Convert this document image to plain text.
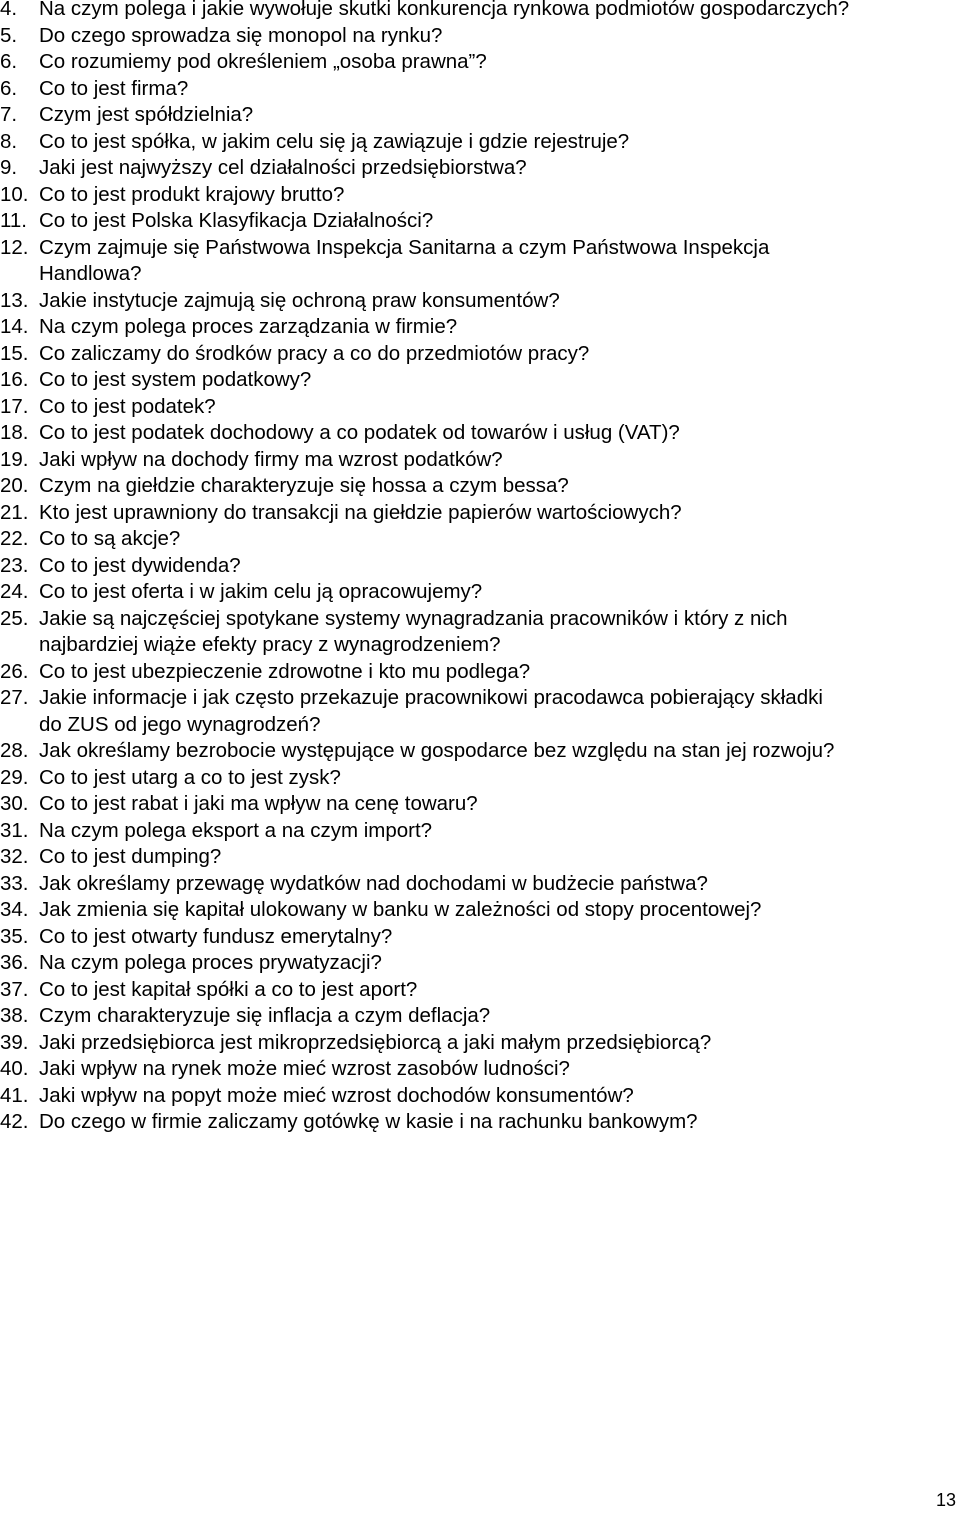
4.	Na czym polega i jakie wywołuje skutki konkurencja rynkowa podmiotów gospodarczych?
5.	Do czego sprowadza się monopol na rynku?
6.	Co rozumiemy pod określeniem „osoba prawna”?
6.	Co to jest firma?
7.	Czym jest spółdzielnia?
8.	Co to jest spółka, w jakim celu się ją zawiązuje i gdzie rejestruje?
9.	Jaki jest najwyższy cel działalności przedsiębiorstwa?
10. Co to jest produkt krajowy brutto?
11. Co to jest Polska Klasyfikacja Działalności?
12. Czym zajmuje się Państwowa Inspekcja Sanitarna a czym Państwowa Inspekcja
Handlowa?
13. Jakie instytucje zajmują się ochroną praw konsumentów?
14. Na czym polega proces zarządzania w firmie?
15. Co zaliczamy do środków pracy a co do przedmiotów pracy?
16. Co to jest system podatkowy?
17. Co to jest podatek?
18. Co to jest podatek dochodowy a co podatek od towarów i usług (VAT)?
19. Jaki wpływ na dochody firmy ma wzrost podatków?
20. Czym na giełdzie charakteryzuje się hossa a czym bessa?
21. Kto jest uprawniony do transakcji na giełdzie papierów wartościowych?
22. Co to są akcje?
23. Co to jest dywidenda?
24. Co to jest oferta i w jakim celu ją opracowujemy?
25. Jakie są najczęściej spotykane systemy wynagradzania pracowników i który z nich
najbardziej wiąże efekty pracy z wynagrodzeniem?
26. Co to jest ubezpieczenie zdrowotne i kto mu podlega?
27. Jakie informacje i jak często przekazuje pracownikowi pracodawca pobierający składki
do ZUS od jego wynagrodzeń?
28. Jak określamy bezrobocie występujące w gospodarce bez względu na stan jej rozwoju?
29. Co to jest utarg a co to jest zysk?
30. Co to jest rabat i jaki ma wpływ na cenę towaru?
31. Na czym polega eksport a na czym import?
32. Co to jest dumping?
33. Jak określamy przewagę wydatków nad dochodami w budżecie państwa?
34. Jak zmienia się kapitał ulokowany w banku w zależności od stopy procentowej?
35. Co to jest otwarty fundusz emerytalny?
36. Na czym polega proces prywatyzacji?
37. Co to jest kapitał spółki a co to jest aport?
38. Czym charakteryzuje się inflacja a czym deflacja?
39. Jaki przedsiębiorca jest mikroprzedsiębiorcą a jaki małym przedsiębiorcą?
40. Jaki wpływ na rynek może mieć wzrost zasobów ludności?
41. Jaki wpływ na popyt może mieć wzrost dochodów konsumentów?
42. Do czego w firmie zaliczamy gotówkę w kasie i na rachunku bankowym?
13
